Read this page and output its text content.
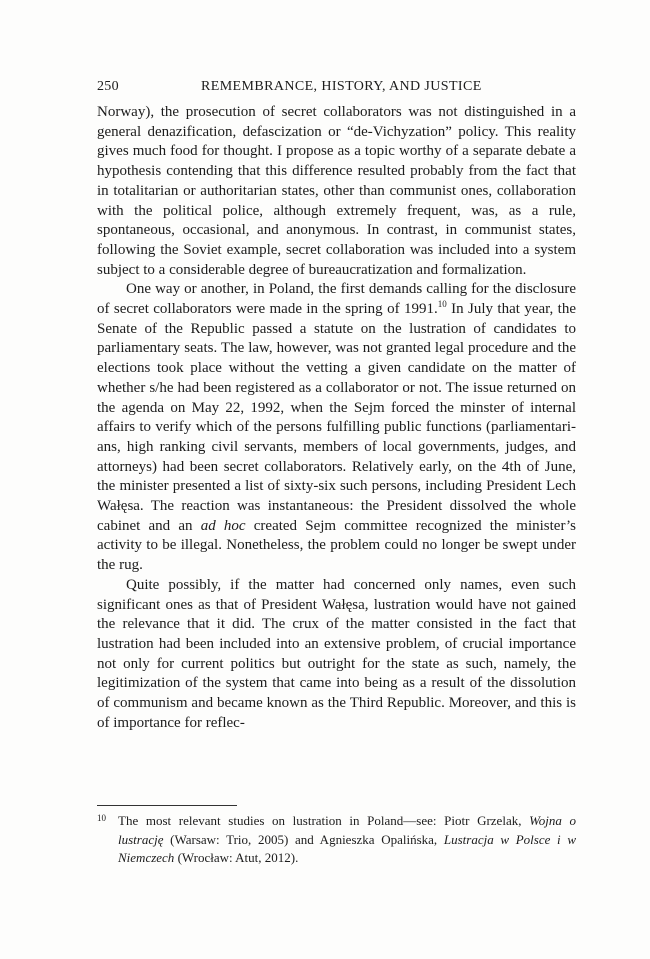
250	REMEMBRANCE, HISTORY, AND JUSTICE

Norway), the prosecution of secret collaborators was not distinguished in a general denazification, defascization or “de-Vichyzation” policy. This reality gives much food for thought. I propose as a topic worthy of a separate debate a hypothesis contending that this difference resulted probably from the fact that in totalitarian or authoritarian states, other than communist ones, collaboration with the political police, although extremely frequent, was, as a rule, spontaneous, occasional, and anonymous. In contrast, in communist states, following the Soviet example, secret collaboration was included into a system subject to a considerable degree of bureaucratization and formalization.

One way or another, in Poland, the first demands calling for the disclosure of secret collaborators were made in the spring of 1991.10 In July that year, the Senate of the Republic passed a statute on the lustration of candidates to parliamentary seats. The law, however, was not granted legal procedure and the elections took place without the vetting a given candidate on the matter of whether s/he had been registered as a collaborator or not. The issue returned on the agenda on May 22, 1992, when the Sejm forced the minster of internal affairs to verify which of the persons fulfilling public functions (parliamentarians, high ranking civil servants, members of local governments, judges, and attorneys) had been secret collaborators. Relatively early, on the 4th of June, the minister presented a list of sixty-six such persons, including President Lech Wałęsa. The reaction was instantaneous: the President dissolved the whole cabinet and an ad hoc created Sejm committee recognized the minister’s activity to be illegal. Nonetheless, the problem could no longer be swept under the rug.

Quite possibly, if the matter had concerned only names, even such significant ones as that of President Wałęsa, lustration would have not gained the relevance that it did. The crux of the matter consisted in the fact that lustration had been included into an extensive problem, of crucial importance not only for current politics but outright for the state as such, namely, the legitimization of the system that came into being as a result of the dissolution of communism and became known as the Third Republic. Moreover, and this is of importance for reflec-

10 The most relevant studies on lustration in Poland—see: Piotr Grzelak, Wojna o lustrację (Warsaw: Trio, 2005) and Agnieszka Opalińska, Lustracja w Polsce i w Niemczech (Wrocław: Atut, 2012).
